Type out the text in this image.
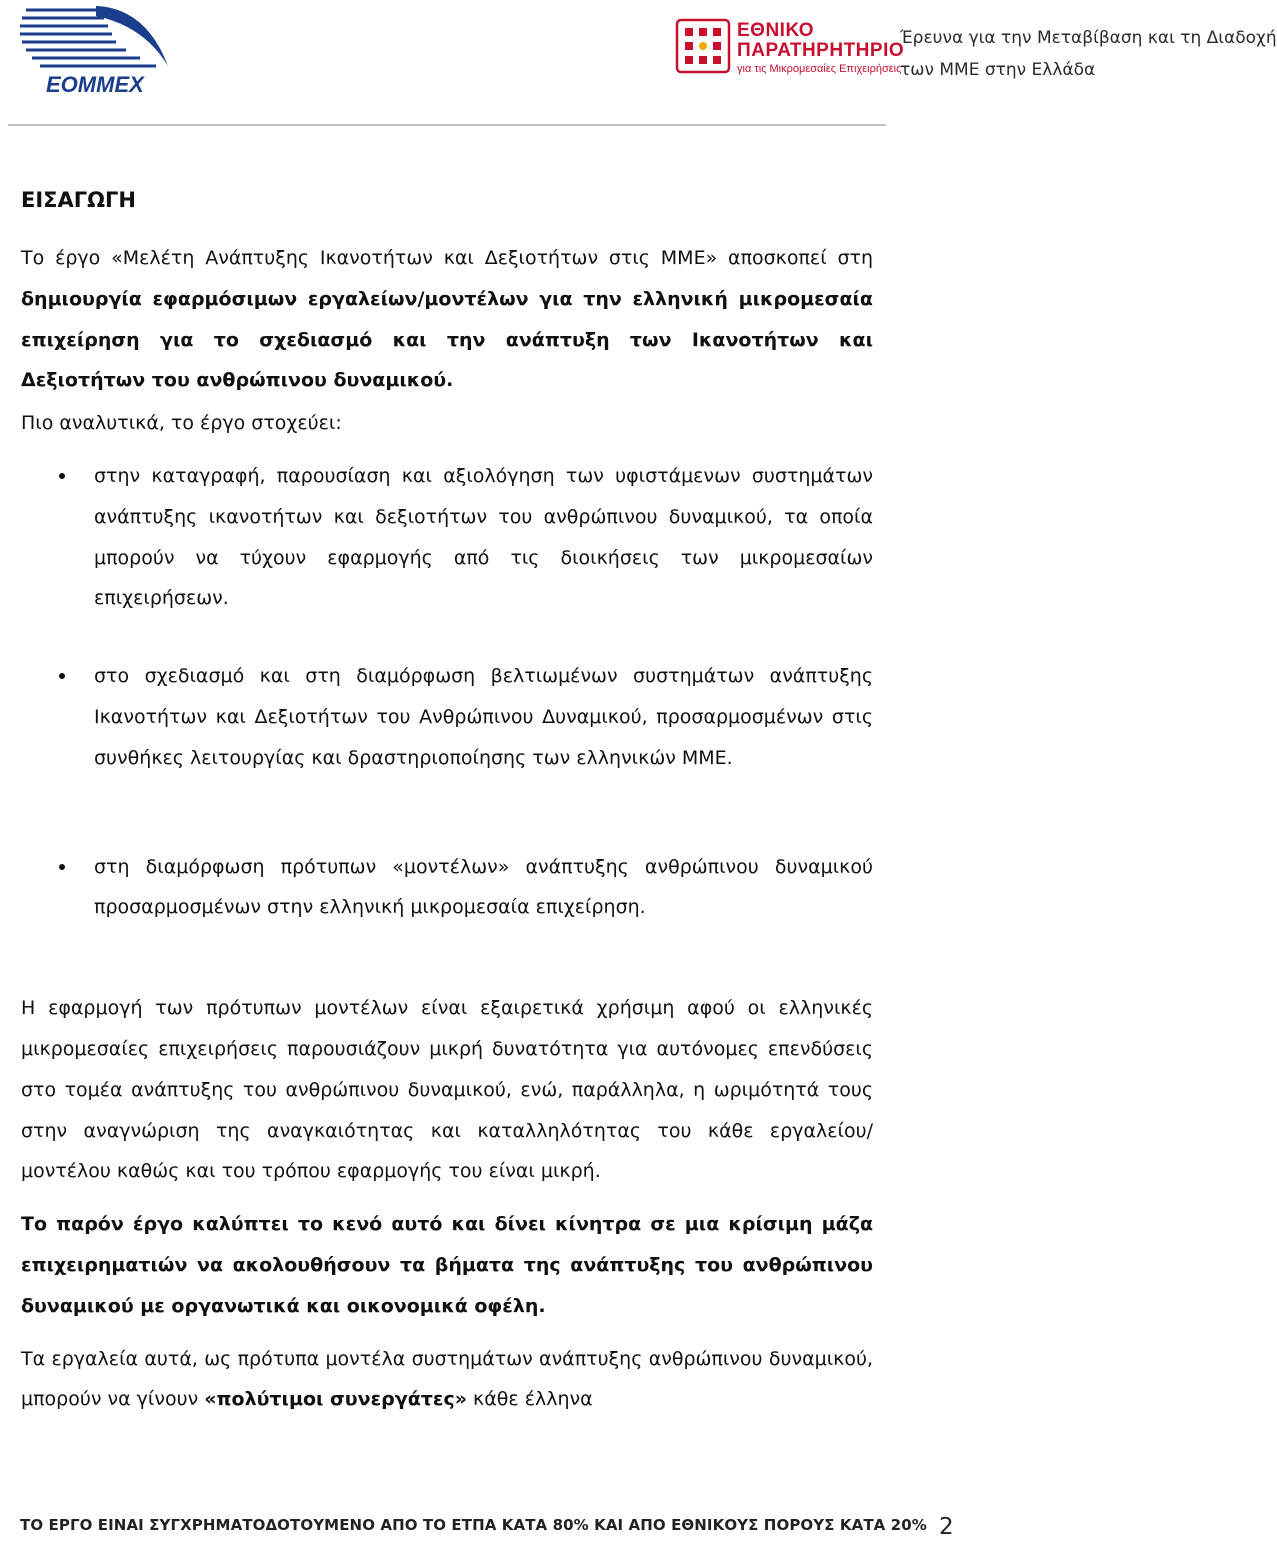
EOMMEX
Έρευνα για την Μεταβίβαση και τη Διαδοχή
των ΜΜΕ στην Ελλάδα
ΕΘΝΙΚΟ
ΠΑΡΑΤΗΡΗΤΗΡΙΟ
για τις Μικρομεσαίες Επιχειρήσεις
ΕΙΣΑΓΩΓΗ

Το έργο «Μελέτη Ανάπτυξης Ικανοτήτων και Δεξιοτήτων στις ΜΜΕ» αποσκοπεί στη δημιουργία εφαρμόσιμων εργαλείων/μοντέλων για την ελληνική μικρομεσαία επιχείρηση για το σχεδιασμό και την ανάπτυξη των Ικανοτήτων και Δεξιοτήτων του ανθρώπινου δυναμικού.

Πιο αναλυτικά, το έργο στοχεύει:

στην καταγραφή, παρουσίαση και αξιολόγηση των υφιστάμενων συστημάτων ανάπτυξης ικανοτήτων και δεξιοτήτων του ανθρώπινου δυναμικού, τα οποία μπορούν να τύχουν εφαρμογής από τις διοικήσεις των μικρομεσαίων επιχειρήσεων.

στο σχεδιασμό και στη διαμόρφωση βελτιωμένων συστημάτων ανάπτυξης Ικανοτήτων και Δεξιοτήτων του Ανθρώπινου Δυναμικού, προσαρμοσμένων στις συνθήκες λειτουργίας και δραστηριοποίησης των ελληνικών ΜΜΕ.

στη διαμόρφωση πρότυπων «μοντέλων» ανάπτυξης ανθρώπινου δυναμικού προσαρμοσμένων στην ελληνική μικρομεσαία επιχείρηση.

Η εφαρμογή των πρότυπων μοντέλων είναι εξαιρετικά χρήσιμη αφού οι ελληνικές μικρομεσαίες επιχειρήσεις παρουσιάζουν μικρή δυνατότητα για αυτόνομες επενδύσεις στο τομέα ανάπτυξης του ανθρώπινου δυναμικού, ενώ, παράλληλα, η ωριμότητά τους στην αναγνώριση της αναγκαιότητας και καταλληλότητας του κάθε εργαλείου/μοντέλου καθώς και του τρόπου εφαρμογής του είναι μικρή.

Το παρόν έργο καλύπτει το κενό αυτό και δίνει κίνητρα σε μια κρίσιμη μάζα επιχειρηματιών να ακολουθήσουν τα βήματα της ανάπτυξης του ανθρώπινου δυναμικού με οργανωτικά και οικονομικά οφέλη.

Τα εργαλεία αυτά, ως πρότυπα μοντέλα συστημάτων ανάπτυξης ανθρώπινου δυναμικού, μπορούν να γίνουν «πολύτιμοι συνεργάτες» κάθε έλληνα

ΤΟ ΕΡΓΟ ΕΙΝΑΙ ΣΥΓΧΡΗΜΑΤΟΔΟΤΟΥΜΕΝΟ ΑΠΟ ΤΟ ΕΤΠΑ ΚΑΤΑ 80% ΚΑΙ ΑΠΟ ΕΘΝΙΚΟΥΣ ΠΟΡΟΥΣ ΚΑΤΑ 20% 2
